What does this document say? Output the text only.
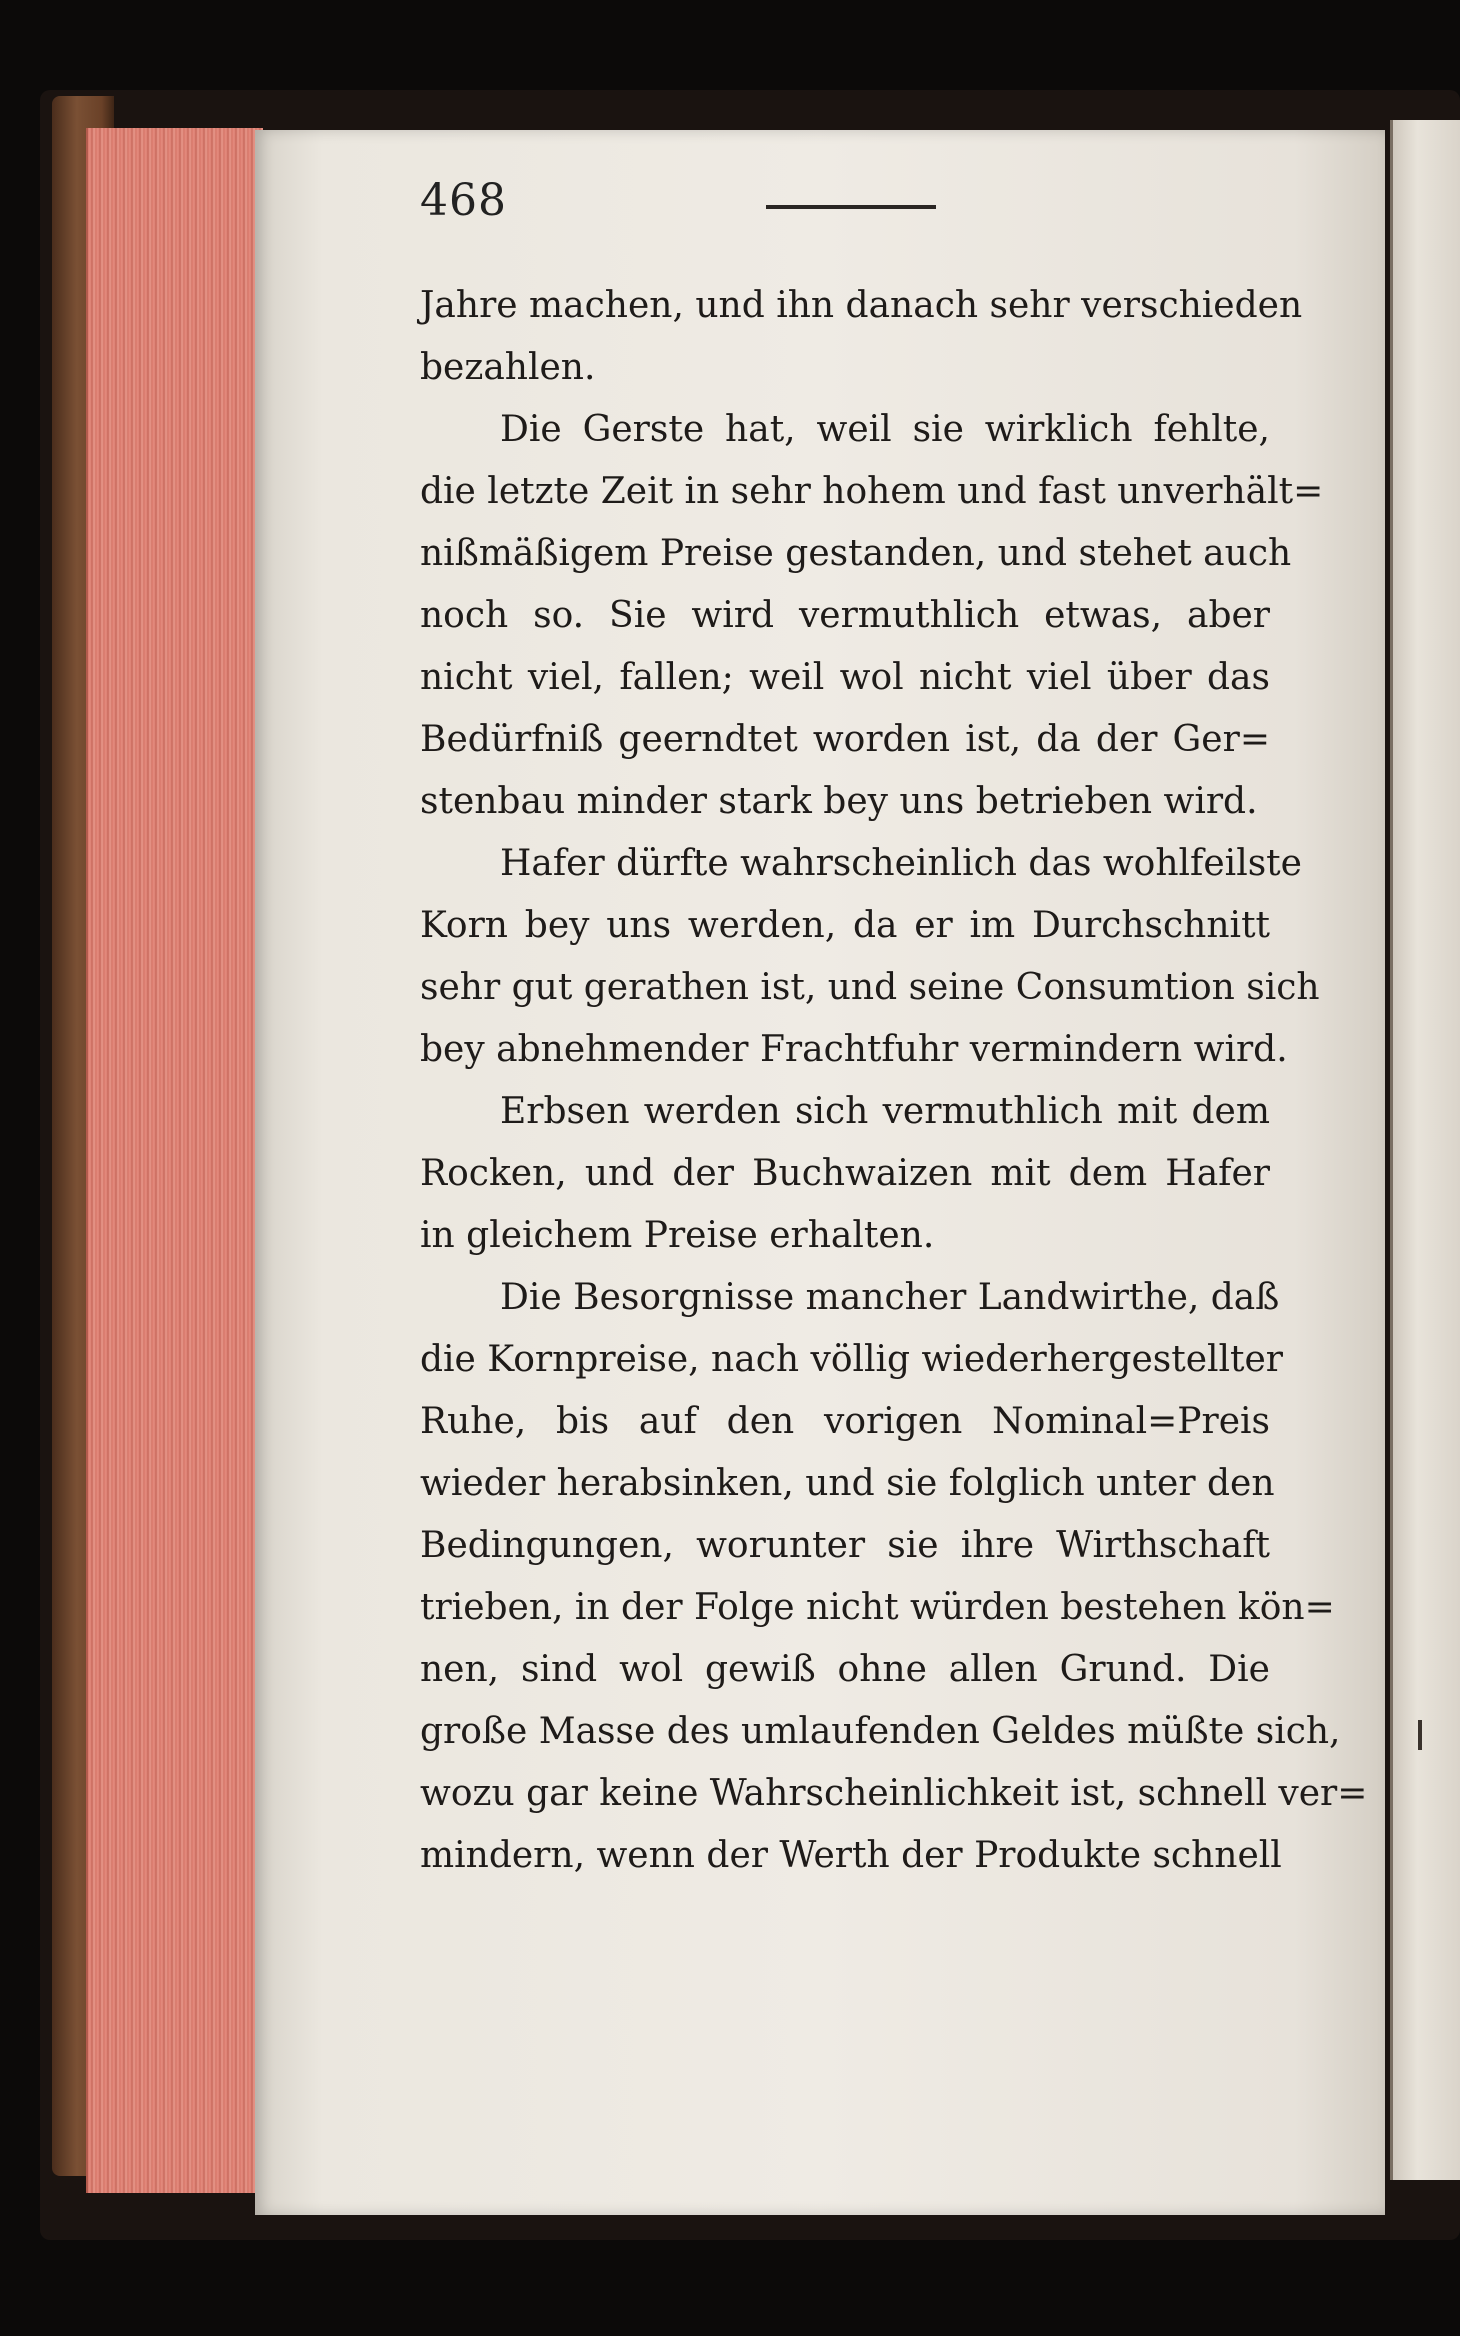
468
Jahre machen, und ihn danach sehr verschieden
bezahlen.
Die Gerste hat, weil sie wirklich fehlte,
die letzte Zeit in sehr hohem und fast unverhält=
nißmäßigem Preise gestanden, und stehet auch
noch so. Sie wird vermuthlich etwas, aber
nicht viel, fallen; weil wol nicht viel über das
Bedürfniß geerndtet worden ist, da der Ger=
stenbau minder stark bey uns betrieben wird.
Hafer dürfte wahrscheinlich das wohlfeilste
Korn bey uns werden, da er im Durchschnitt
sehr gut gerathen ist, und seine Consumtion sich
bey abnehmender Frachtfuhr vermindern wird.
Erbsen werden sich vermuthlich mit dem
Rocken, und der Buchwaizen mit dem Hafer
in gleichem Preise erhalten.
Die Besorgnisse mancher Landwirthe, daß
die Kornpreise, nach völlig wiederhergestellter
Ruhe, bis auf den vorigen Nominal=Preis
wieder herabsinken, und sie folglich unter den
Bedingungen, worunter sie ihre Wirthschaft
trieben, in der Folge nicht würden bestehen kön=
nen, sind wol gewiß ohne allen Grund. Die
große Masse des umlaufenden Geldes müßte sich,
wozu gar keine Wahrscheinlichkeit ist, schnell ver=
mindern, wenn der Werth der Produkte schnell
